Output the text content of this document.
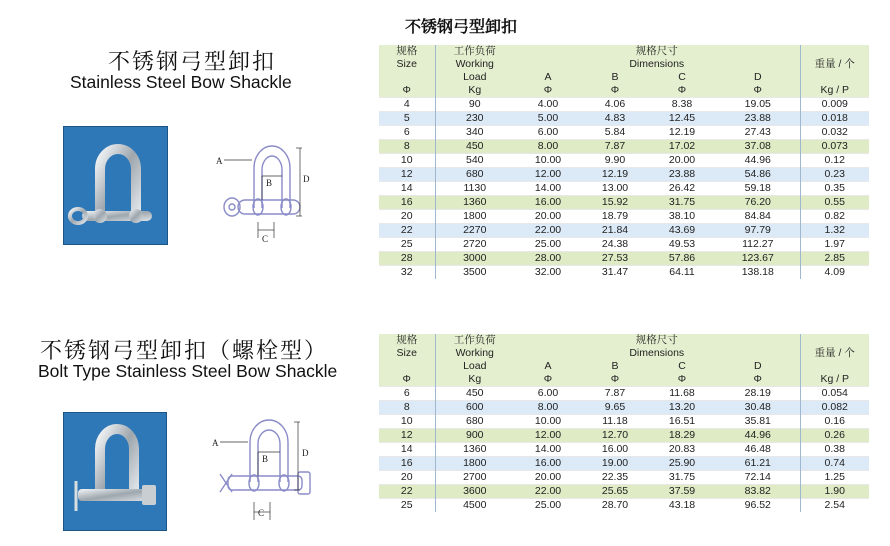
不锈钢弓型卸扣
不锈钢弓型卸扣
Stainless Steel Bow Shackle
A
B	D
C
规格	工作负荷	规格尺寸				重量 / 个

Size	Working	Dimensions				
	Load	A	B	C	D	
Φ	Kg	Φ	Φ	Φ	Φ	Kg / P
4	90	4.00	4.06	8.38	19.05	0.009
5	230	5.00	4.83	12.45	23.88	0.018
6	340	6.00	5.84	12.19	27.43	0.032
8	450	8.00	7.87	17.02	37.08	0.073
10	540	10.00	9.90	20.00	44.96	0.12
12	680	12.00	12.19	23.88	54.86	0.23
14	1130	14.00	13.00	26.42	59.18	0.35
16	1360	16.00	15.92	31.75	76.20	0.55
20	1800	20.00	18.79	38.10	84.84	0.82
22	2270	22.00	21.84	43.69	97.79	1.32
25	2720	25.00	24.38	49.53	112.27	1.97
28	3000	28.00	27.53	57.86	123.67	2.85
32	3500	32.00	31.47	64.11	138.18	4.09
不锈钢弓型卸扣（螺栓型）
Bolt Type Stainless Steel Bow Shackle
A
B
D
C
规格	工作负荷	规格尺寸				重量 / 个

Size	Working	Dimensions				
	Load	A	B	C	D	
Φ	Kg	Φ	Φ	Φ	Φ	Kg / P
6	450	6.00	7.87	11.68	28.19	0.054
8	600	8.00	9.65	13.20	30.48	0.082
10	680	10.00	11.18	16.51	35.81	0.16
12	900	12.00	12.70	18.29	44.96	0.26
14	1360	14.00	16.00	20.83	46.48	0.38
16	1800	16.00	19.00	25.90	61.21	0.74
20	2700	20.00	22.35	31.75	72.14	1.25
22	3600	22.00	25.65	37.59	83.82	1.90
25	4500	25.00	28.70	43.18	96.52	2.54
